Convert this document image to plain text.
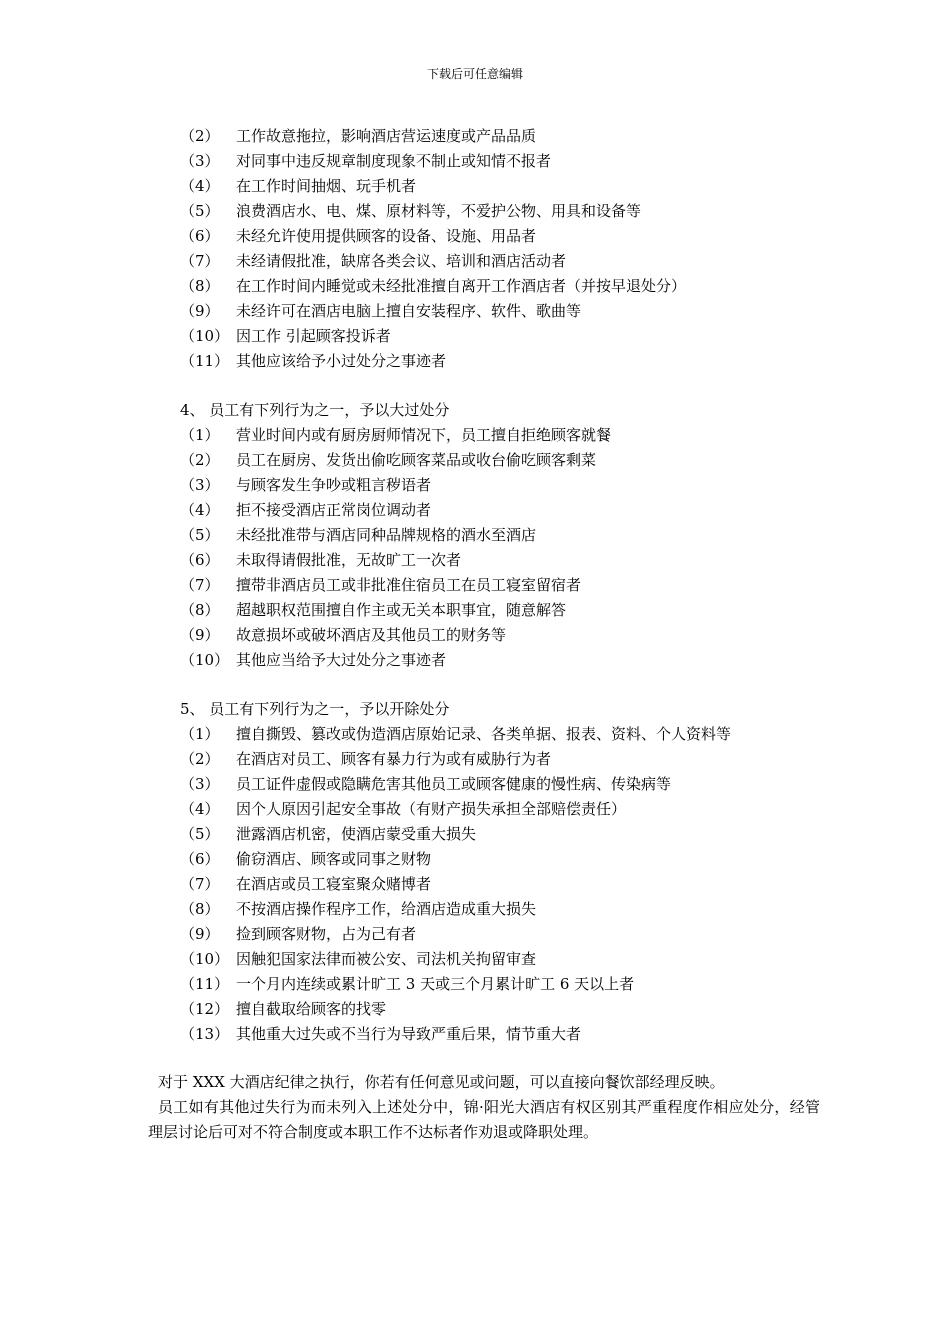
下载后可任意编辑
（2） 工作故意拖拉，影响酒店营运速度或产品品质
（3） 对同事中违反规章制度现象不制止或知情不报者
（4） 在工作时间抽烟、玩手机者
（5） 浪费酒店水、电、煤、原材料等，不爱护公物、用具和设备等
（6） 未经允许使用提供顾客的设备、设施、用品者
（7） 未经请假批准，缺席各类会议、培训和酒店活动者
（8） 在工作时间内睡觉或未经批准擅自离开工作酒店者（并按早退处分）
（9） 未经许可在酒店电脑上擅自安装程序、软件、歌曲等
（10） 因工作 引起顾客投诉者
（11） 其他应该给予小过处分之事迹者
4、 员工有下列行为之一，予以大过处分
（1） 营业时间内或有厨房厨师情况下，员工擅自拒绝顾客就餐
（2） 员工在厨房、发货出偷吃顾客菜品或收台偷吃顾客剩菜
（3） 与顾客发生争吵或粗言秽语者
（4） 拒不接受酒店正常岗位调动者
（5） 未经批准带与酒店同种品牌规格的酒水至酒店
（6） 未取得请假批准，无故旷工一次者
（7） 擅带非酒店员工或非批准住宿员工在员工寝室留宿者
（8） 超越职权范围擅自作主或无关本职事宜，随意解答
（9） 故意损坏或破坏酒店及其他员工的财务等
（10） 其他应当给予大过处分之事迹者
5、 员工有下列行为之一，予以开除处分
（1） 擅自撕毁、篡改或伪造酒店原始记录、各类单据、报表、资料、个人资料等
（2） 在酒店对员工、顾客有暴力行为或有威胁行为者
（3） 员工证件虚假或隐瞒危害其他员工或顾客健康的慢性病、传染病等
（4） 因个人原因引起安全事故（有财产损失承担全部赔偿责任）
（5） 泄露酒店机密，使酒店蒙受重大损失
（6） 偷窃酒店、顾客或同事之财物
（7） 在酒店或员工寝室聚众赌博者
（8） 不按酒店操作程序工作，给酒店造成重大损失
（9） 捡到顾客财物，占为己有者
（10） 因触犯国家法律而被公安、司法机关拘留审查
（11） 一个月内连续或累计旷工 3 天或三个月累计旷工 6 天以上者
（12） 擅自截取给顾客的找零
（13） 其他重大过失或不当行为导致严重后果，情节重大者
对于 XXX 大酒店纪律之执行，你若有任何意见或问题，可以直接向餐饮部经理反映。
员工如有其他过失行为而未列入上述处分中，锦·阳光大酒店有权区别其严重程度作相应处分，经管理层讨论后可对不符合制度或本职工作不达标者作劝退或降职处理。
